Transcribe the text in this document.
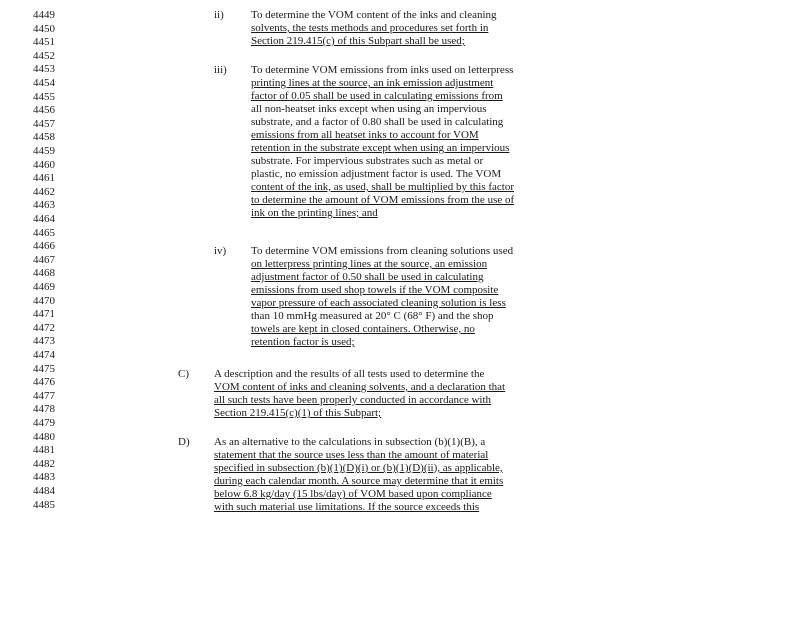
4449
4450
4451
4452
4453
4454
4455
4456
4457
4458
4459
4460
4461
4462
4463
4464
4465
4466
4467
4468
4469
4470
4471
4472
4473
4474
4475
4476
4477
4478
4479
4480
4481
4482
4483
4484
4485
ii) To determine the VOM content of the inks and cleaning
solvents, the tests methods and procedures set forth in
Section 219.415(c) of this Subpart shall be used;
iii) To determine VOM emissions from inks used on letterpress
printing lines at the source, an ink emission adjustment
factor of 0.05 shall be used in calculating emissions from
all non-heatset inks except when using an impervious
substrate, and a factor of 0.80 shall be used in calculating
emissions from all heatset inks to account for VOM
retention in the substrate except when using an impervious
substrate. For impervious substrates such as metal or
plastic, no emission adjustment factor is used. The VOM
content of the ink, as used, shall be multiplied by this factor
to determine the amount of VOM emissions from the use of
ink on the printing lines; and
iv) To determine VOM emissions from cleaning solutions used
on letterpress printing lines at the source, an emission
adjustment factor of 0.50 shall be used in calculating
emissions from used shop towels if the VOM composite
vapor pressure of each associated cleaning solution is less
than 10 mmHg measured at 20° C (68° F) and the shop
towels are kept in closed containers. Otherwise, no
retention factor is used;
C) A description and the results of all tests used to determine the
VOM content of inks and cleaning solvents, and a declaration that
all such tests have been properly conducted in accordance with
Section 219.415(c)(1) of this Subpart;
D) As an alternative to the calculations in subsection (b)(1)(B), a
statement that the source uses less than the amount of material
specified in subsection (b)(1)(D)(i) or (b)(1)(D)(ii), as applicable,
during each calendar month. A source may determine that it emits
below 6.8 kg/day (15 lbs/day) of VOM based upon compliance
with such material use limitations. If the source exceeds this
